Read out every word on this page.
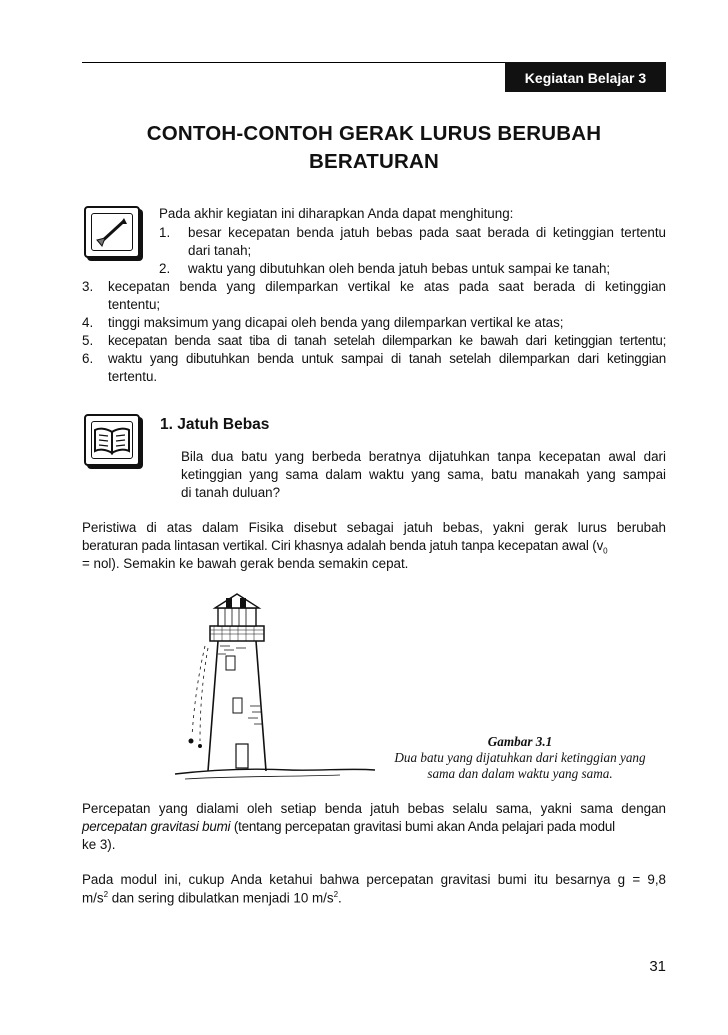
Kegiatan Belajar 3
CONTOH-CONTOH GERAK LURUS BERUBAH
BERATURAN
Pada akhir kegiatan ini diharapkan Anda dapat menghitung:
1. besar kecepatan benda jatuh bebas pada saat berada di ketinggian tertentu
dari tanah;
2. waktu yang dibutuhkan oleh benda jatuh bebas untuk sampai ke tanah;
3. kecepatan benda yang dilemparkan vertikal ke atas pada saat berada di ketinggian
tententu;
4. tinggi maksimum yang dicapai oleh benda yang dilemparkan vertikal ke atas;
5. kecepatan benda saat tiba di tanah setelah dilemparkan ke bawah dari ketinggian tertentu;
6. waktu yang dibutuhkan benda untuk sampai di tanah setelah dilemparkan dari ketinggian
tertentu.
1. Jatuh Bebas
Bila dua batu yang berbeda beratnya dijatuhkan tanpa kecepatan awal dari
ketinggian yang sama dalam waktu yang sama, batu manakah yang sampai
di tanah duluan?
Peristiwa di atas dalam Fisika disebut sebagai jatuh bebas, yakni gerak lurus berubah
beraturan pada lintasan vertikal. Ciri khasnya adalah benda jatuh tanpa kecepatan awal ($v_0$
= nol). Semakin ke bawah gerak benda semakin cepat.
Gambar 3.1
Dua batu yang dijatuhkan dari ketinggian yang
sama dan dalam waktu yang sama.
Percepatan yang dialami oleh setiap benda jatuh bebas selalu sama, yakni sama dengan
percepatan gravitasi bumi (tentang percepatan gravitasi bumi akan Anda pelajari pada modul
ke 3).
Pada modul ini, cukup Anda ketahui bahwa percepatan gravitasi bumi itu besarnya g = 9,8
$m/s^2$ dan sering dibulatkan menjadi 10 $m/s^2$.
31
